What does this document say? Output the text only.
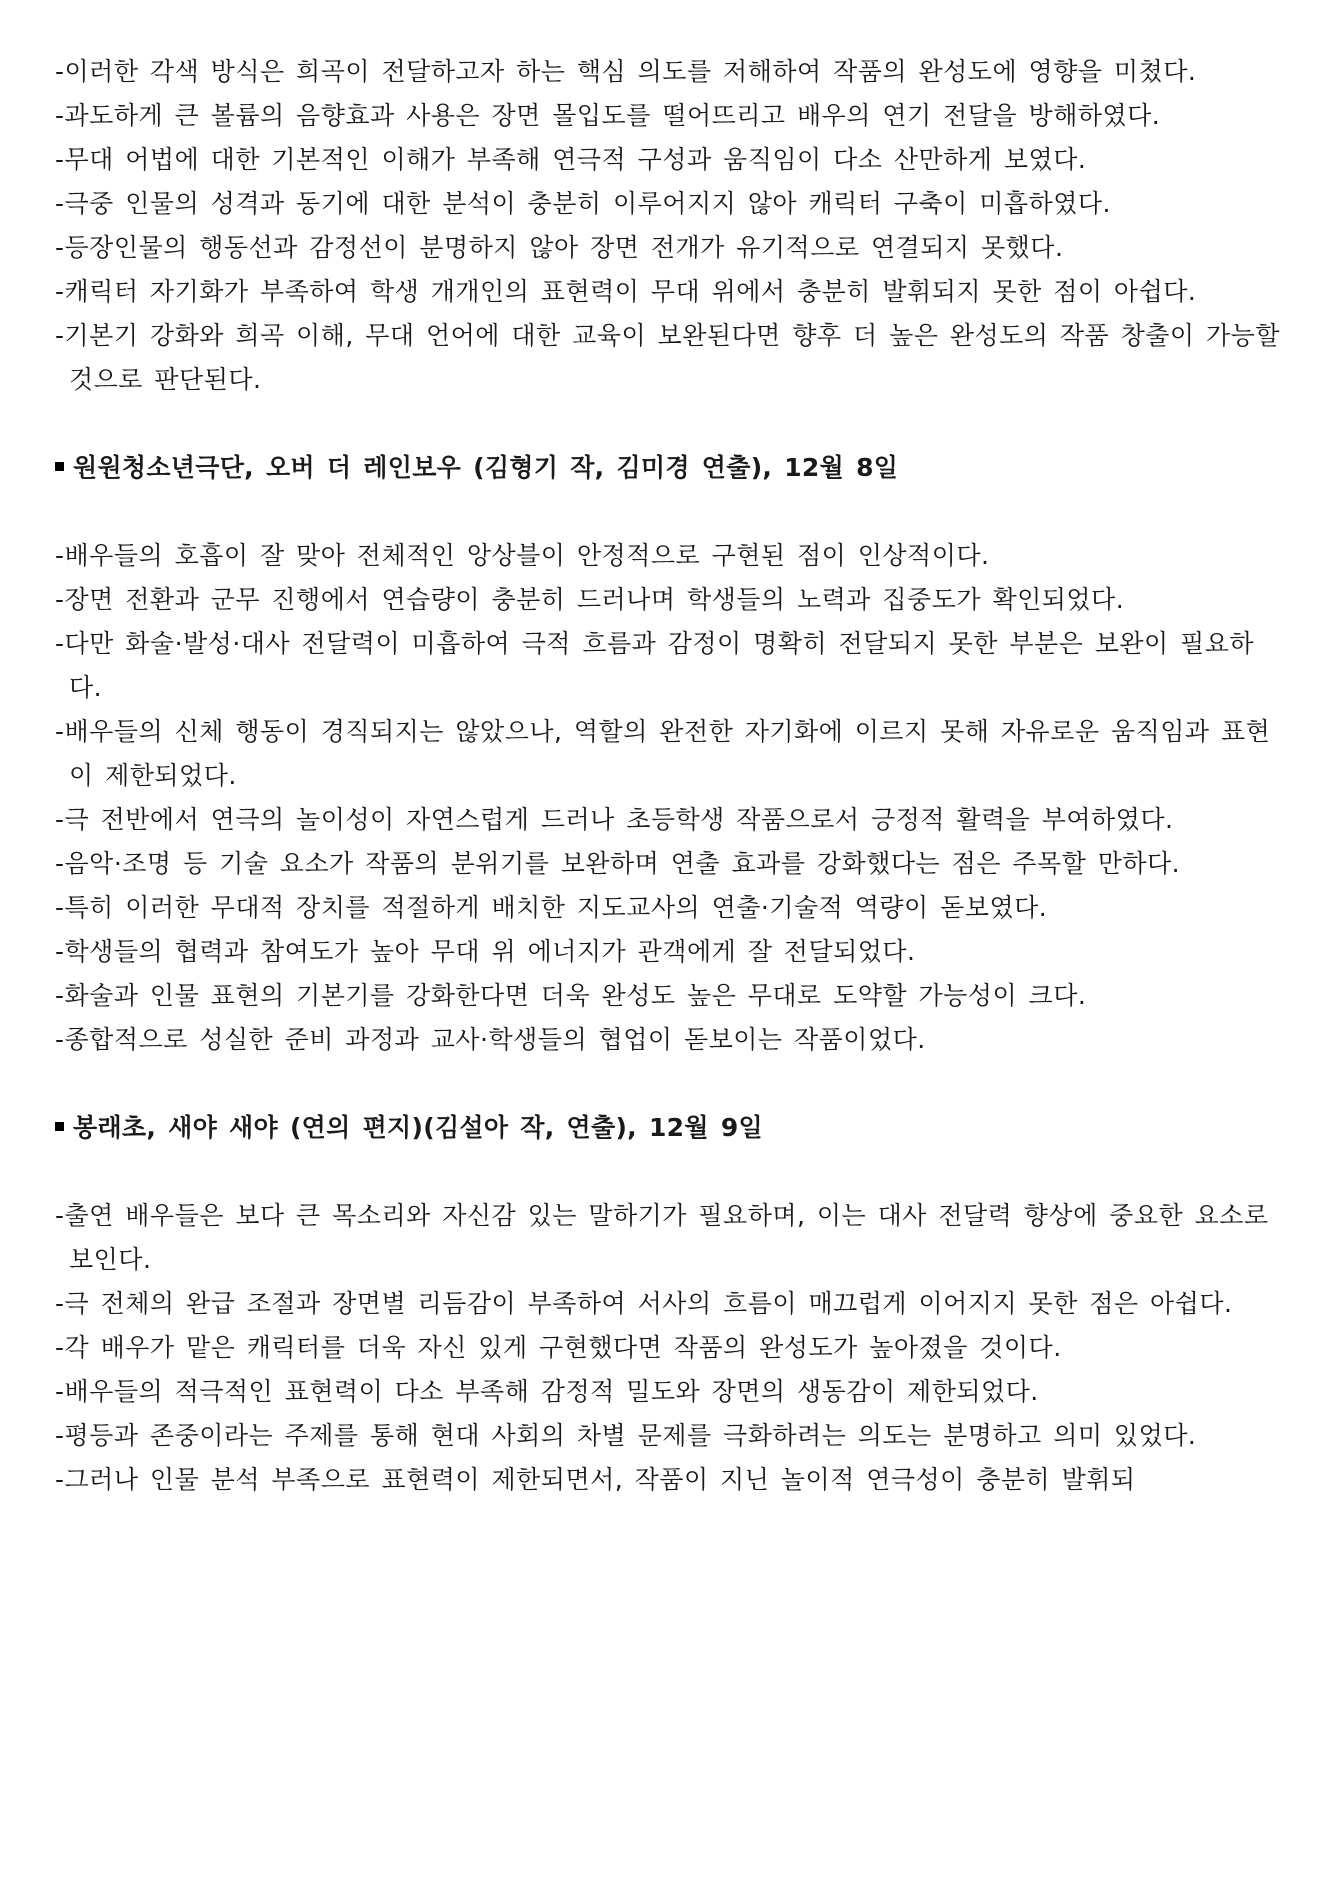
-이러한 각색 방식은 희곡이 전달하고자 하는 핵심 의도를 저해하여 작품의 완성도에 영향을 미쳤다.

-과도하게 큰 볼륨의 음향효과 사용은 장면 몰입도를 떨어뜨리고 배우의 연기 전달을 방해하였다.

-무대 어법에 대한 기본적인 이해가 부족해 연극적 구성과 움직임이 다소 산만하게 보였다.

-극중 인물의 성격과 동기에 대한 분석이 충분히 이루어지지 않아 캐릭터 구축이 미흡하였다.

-등장인물의 행동선과 감정선이 분명하지 않아 장면 전개가 유기적으로 연결되지 못했다.

-캐릭터 자기화가 부족하여 학생 개개인의 표현력이 무대 위에서 충분히 발휘되지 못한 점이 아쉽다.

-기본기 강화와 희곡 이해, 무대 언어에 대한 교육이 보완된다면 향후 더 높은 완성도의 작품 창출이 가능할 것으로 판단된다.

원원청소년극단, 오버 더 레인보우 (김형기 작, 김미경 연출), 12월 8일

-배우들의 호흡이 잘 맞아 전체적인 앙상블이 안정적으로 구현된 점이 인상적이다.

-장면 전환과 군무 진행에서 연습량이 충분히 드러나며 학생들의 노력과 집중도가 확인되었다.

-다만 화술·발성·대사 전달력이 미흡하여 극적 흐름과 감정이 명확히 전달되지 못한 부분은 보완이 필요하다.

-배우들의 신체 행동이 경직되지는 않았으나, 역할의 완전한 자기화에 이르지 못해 자유로운 움직임과 표현이 제한되었다.

-극 전반에서 연극의 놀이성이 자연스럽게 드러나 초등학생 작품으로서 긍정적 활력을 부여하였다.

-음악·조명 등 기술 요소가 작품의 분위기를 보완하며 연출 효과를 강화했다는 점은 주목할 만하다.

-특히 이러한 무대적 장치를 적절하게 배치한 지도교사의 연출·기술적 역량이 돋보였다.

-학생들의 협력과 참여도가 높아 무대 위 에너지가 관객에게 잘 전달되었다.

-화술과 인물 표현의 기본기를 강화한다면 더욱 완성도 높은 무대로 도약할 가능성이 크다.

-종합적으로 성실한 준비 과정과 교사·학생들의 협업이 돋보이는 작품이었다.

봉래초, 새야 새야 (연의 편지)(김설아 작, 연출), 12월 9일

-출연 배우들은 보다 큰 목소리와 자신감 있는 말하기가 필요하며, 이는 대사 전달력 향상에 중요한 요소로 보인다.

-극 전체의 완급 조절과 장면별 리듬감이 부족하여 서사의 흐름이 매끄럽게 이어지지 못한 점은 아쉽다.

-각 배우가 맡은 캐릭터를 더욱 자신 있게 구현했다면 작품의 완성도가 높아졌을 것이다.

-배우들의 적극적인 표현력이 다소 부족해 감정적 밀도와 장면의 생동감이 제한되었다.

-평등과 존중이라는 주제를 통해 현대 사회의 차별 문제를 극화하려는 의도는 분명하고 의미 있었다.

-그러나 인물 분석 부족으로 표현력이 제한되면서, 작품이 지닌 놀이적 연극성이 충분히 발휘되
